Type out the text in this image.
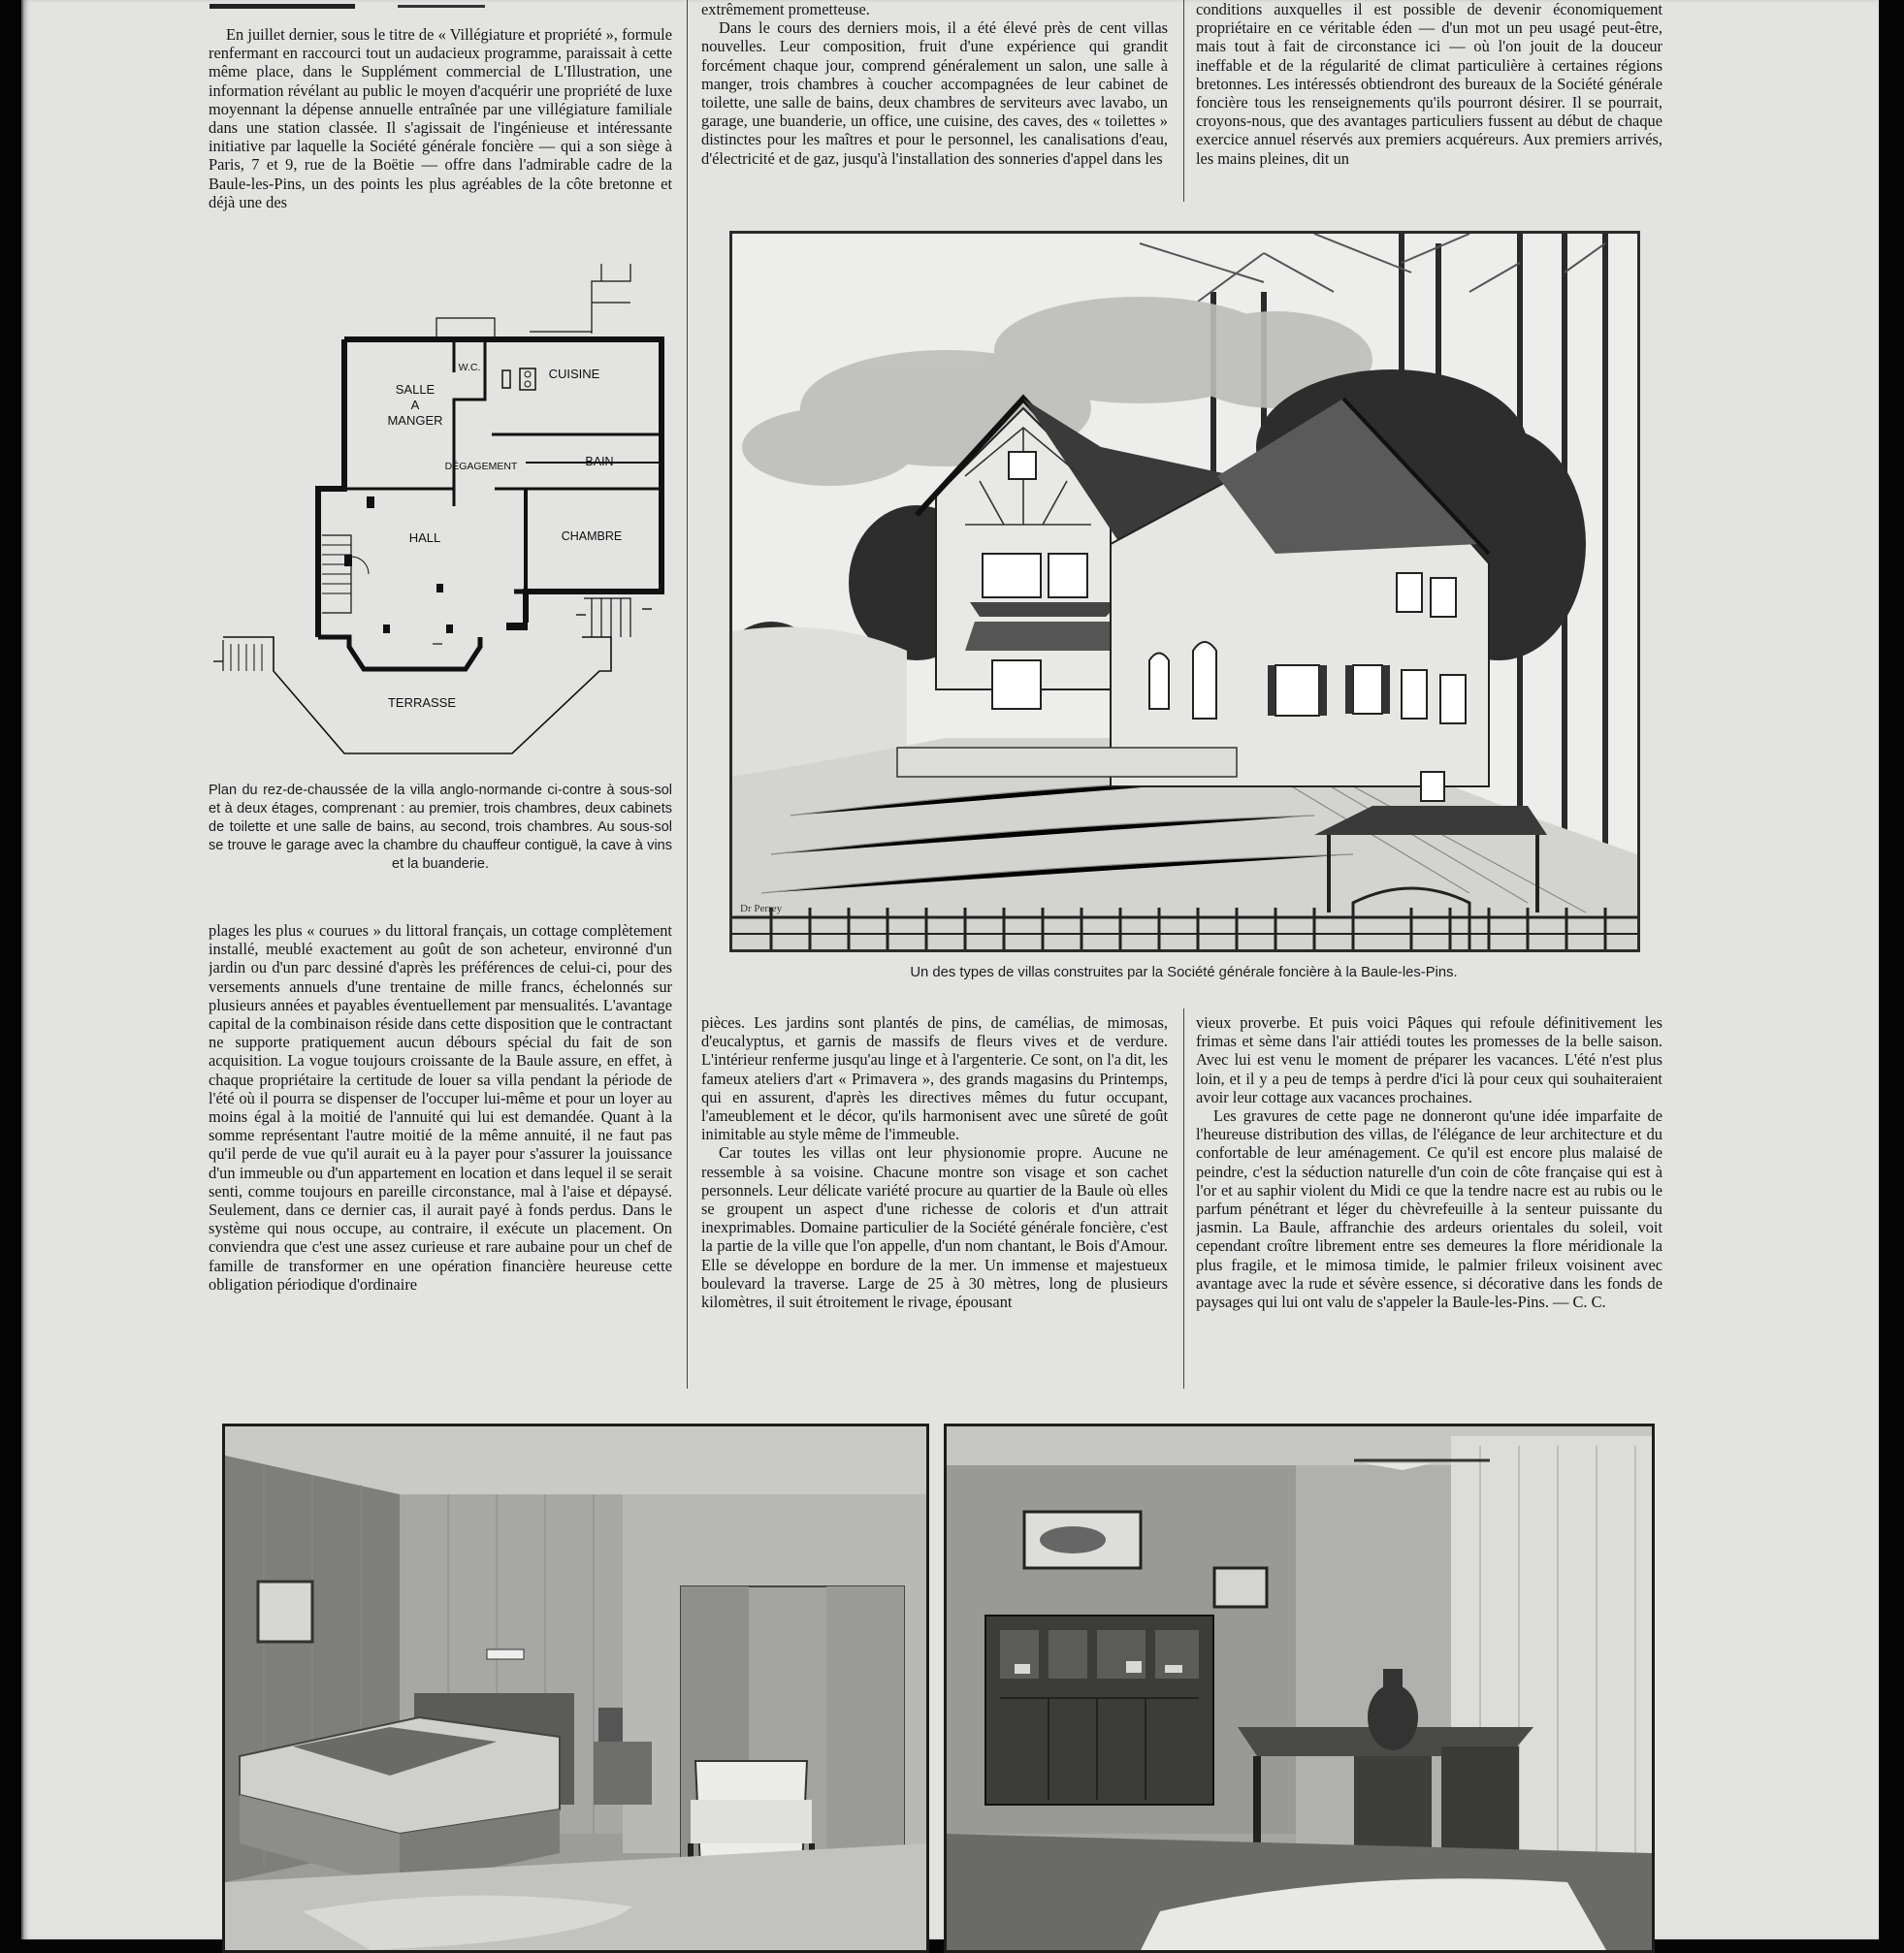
En juillet dernier, sous le titre de « Villégiature et propriété », formule renfermant en raccourci tout un audacieux programme, paraissait à cette même place, dans le Supplément commercial de L'Illustration, une information révélant au public le moyen d'acquérir une propriété de luxe moyennant la dépense annuelle entraînée par une villégiature familiale dans une station classée. Il s'agissait de l'ingénieuse et intéressante initiative par laquelle la Société générale foncière — qui a son siège à Paris, 7 et 9, rue de la Boëtie — offre dans l'admirable cadre de la Baule-les-Pins, un des points les plus agréables de la côte bretonne et déjà une des

extrêmement prometteuse.

Dans le cours des derniers mois, il a été élevé près de cent villas nouvelles. Leur composition, fruit d'une expérience qui grandit forcément chaque jour, comprend généralement un salon, une salle à manger, trois chambres à coucher accompagnées de leur cabinet de toilette, une salle de bains, deux chambres de serviteurs avec lavabo, un garage, une buanderie, un office, une cuisine, des caves, des « toilettes » distinctes pour les maîtres et pour le personnel, les canalisations d'eau, d'électricité et de gaz, jusqu'à l'installation des sonneries d'appel dans les

conditions auxquelles il est possible de devenir économiquement propriétaire en ce véritable éden — d'un mot un peu usagé peut-être, mais tout à fait de circonstance ici — où l'on jouit de la douceur ineffable et de la régularité de climat particulière à certaines régions bretonnes. Les intéressés obtiendront des bureaux de la Société générale foncière tous les renseignements qu'ils pourront désirer. Il se pourrait, croyons-nous, que des avantages particuliers fussent au début de chaque exercice annuel réservés aux premiers acquéreurs. Aux premiers arrivés, les mains pleines, dit un

SALLE
A
MANGER
W.C.	CUISINE
DÉGAGEMENT	BAIN
HALL	CHAMBRE
TERRASSE
Plan du rez-de-chaussée de la villa anglo-normande ci-contre à sous-sol et à deux étages, comprenant : au premier, trois chambres, deux cabinets de toilette et une salle de bains, au second, trois chambres. Au sous-sol se trouve le garage avec la chambre du chauffeur contiguë, la cave à vins et la buanderie.
Dr Perrey
Un des types de villas construites par la Société générale foncière à la Baule-les-Pins.

plages les plus « courues » du littoral français, un cottage complètement installé, meublé exactement au goût de son acheteur, environné d'un jardin ou d'un parc dessiné d'après les préférences de celui-ci, pour des versements annuels d'une trentaine de mille francs, échelonnés sur plusieurs années et payables éventuellement par mensualités. L'avantage capital de la combinaison réside dans cette disposition que le contractant ne supporte pratiquement aucun débours spécial du fait de son acquisition. La vogue toujours croissante de la Baule assure, en effet, à chaque propriétaire la certitude de louer sa villa pendant la période de l'été où il pourra se dispenser de l'occuper lui-même et pour un loyer au moins égal à la moitié de l'annuité qui lui est demandée. Quant à la somme représentant l'autre moitié de la même annuité, il ne faut pas qu'il perde de vue qu'il aurait eu à la payer pour s'assurer la jouissance d'un immeuble ou d'un appartement en location et dans lequel il se serait senti, comme toujours en pareille circonstance, mal à l'aise et dépaysé. Seulement, dans ce dernier cas, il aurait payé à fonds perdus. Dans le système qui nous occupe, au contraire, il exécute un placement. On conviendra que c'est une assez curieuse et rare aubaine pour un chef de famille de transformer en une opération financière heureuse cette obligation périodique d'ordinaire

pièces. Les jardins sont plantés de pins, de camélias, de mimosas, d'eucalyptus, et garnis de massifs de fleurs vives et de verdure. L'intérieur renferme jusqu'au linge et à l'argenterie. Ce sont, on l'a dit, les fameux ateliers d'art « Primavera », des grands magasins du Printemps, qui en assurent, d'après les directives mêmes du futur occupant, l'ameublement et le décor, qu'ils harmonisent avec une sûreté de goût inimitable au style même de l'immeuble.

Car toutes les villas ont leur physionomie propre. Aucune ne ressemble à sa voisine. Chacune montre son visage et son cachet personnels. Leur délicate variété procure au quartier de la Baule où elles se groupent un aspect d'une richesse de coloris et d'un attrait inexprimables. Domaine particulier de la Société générale foncière, c'est la partie de la ville que l'on appelle, d'un nom chantant, le Bois d'Amour. Elle se développe en bordure de la mer. Un immense et majestueux boulevard la traverse. Large de 25 à 30 mètres, long de plusieurs kilomètres, il suit étroitement le rivage, épousant

vieux proverbe. Et puis voici Pâques qui refoule définitivement les frimas et sème dans l'air attiédi toutes les promesses de la belle saison. Avec lui est venu le moment de préparer les vacances. L'été n'est plus loin, et il y a peu de temps à perdre d'ici là pour ceux qui souhaiteraient avoir leur cottage aux vacances prochaines.

Les gravures de cette page ne donneront qu'une idée imparfaite de l'heureuse distribution des villas, de l'élégance de leur architecture et du confortable de leur aménagement. Ce qu'il est encore plus malaisé de peindre, c'est la séduction naturelle d'un coin de côte française qui est à l'or et au saphir violent du Midi ce que la tendre nacre est au rubis ou le parfum pénétrant et léger du chèvrefeuille à la senteur puissante du jasmin. La Baule, affranchie des ardeurs orientales du soleil, voit cependant croître librement entre ses demeures la flore méridionale la plus fragile, et le mimosa timide, le palmier frileux voisinent avec avantage avec la rude et sévère essence, si décorative dans les fonds de paysages qui lui ont valu de s'appeler la Baule-les-Pins. — C. C.
